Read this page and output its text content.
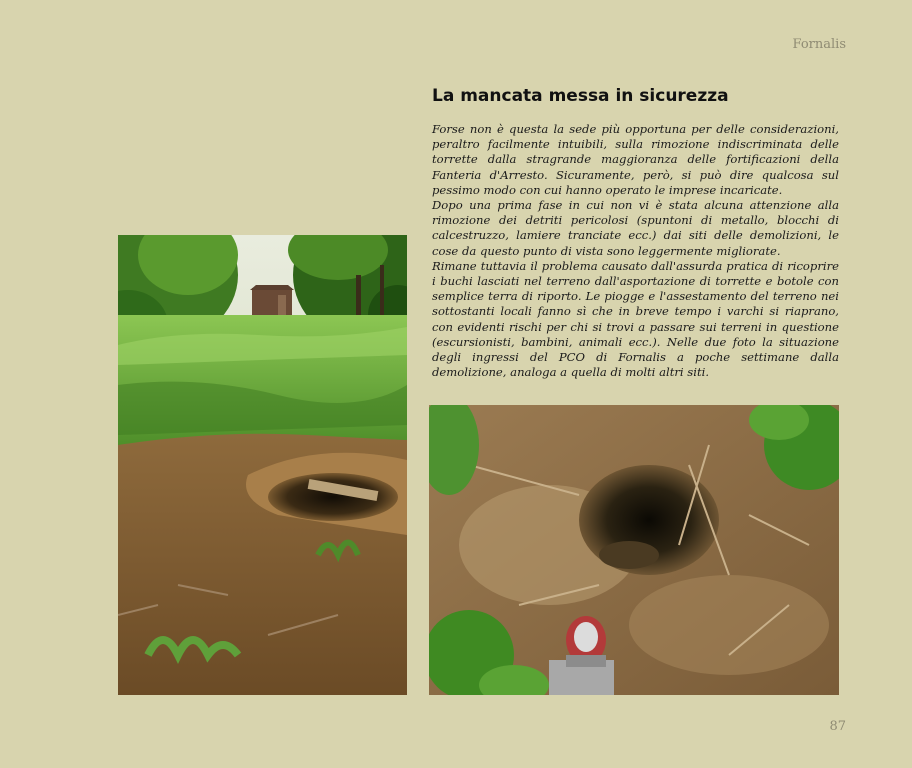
Fornalis
La mancata messa in sicurezza

Forse non è questa la sede più opportuna per delle considerazioni, peraltro facilmente intuibili, sulla rimozione indiscriminata delle torrette dalla stragrande maggioranza delle fortificazioni della Fanteria d'Arresto. Sicuramente, però, si può dire qualcosa sul pessimo modo con cui hanno operato le imprese incaricate.

Dopo una prima fase in cui non vi è stata alcuna attenzione alla rimozione dei detriti pericolosi (spuntoni di metallo, blocchi di calcestruzzo, lamiere tranciate ecc.) dai siti delle demolizioni, le cose da questo punto di vista sono leggermente migliorate.

Rimane tuttavia il problema causato dall'assurda pratica di ricoprire i buchi lasciati nel terreno dall'asportazione di torrette e botole con semplice terra di riporto. Le piogge e l'assestamento del terreno nei sottostanti locali fanno sì che in breve tempo i varchi si riaprano, con evidenti rischi per chi si trovi a passare sui terreni in questione (escursionisti, bambini, animali ecc.). Nelle due foto la situazione degli ingressi del PCO di Fornalis a poche settimane dalla demolizione, analoga a quella di molti altri siti.

87
